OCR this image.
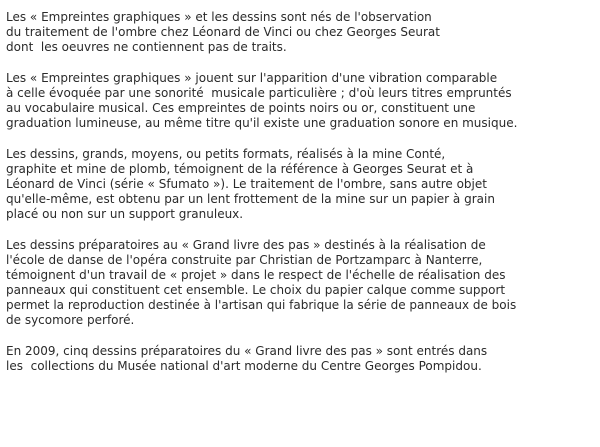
Les « Empreintes graphiques » et les dessins sont nés de l'observation
du traitement de l'ombre chez Léonard de Vinci ou chez Georges Seurat
dont  les oeuvres ne contiennent pas de traits.

Les « Empreintes graphiques » jouent sur l'apparition d'une vibration comparable
à celle évoquée par une sonorité  musicale particulière ; d'où leurs titres empruntés
au vocabulaire musical. Ces empreintes de points noirs ou or, constituent une
graduation lumineuse, au même titre qu'il existe une graduation sonore en musique.

Les dessins, grands, moyens, ou petits formats, réalisés à la mine Conté,
graphite et mine de plomb, témoignent de la référence à Georges Seurat et à
Léonard de Vinci (série « Sfumato »). Le traitement de l'ombre, sans autre objet
qu'elle-même, est obtenu par un lent frottement de la mine sur un papier à grain
placé ou non sur un support granuleux.

Les dessins préparatoires au « Grand livre des pas » destinés à la réalisation de
l'école de danse de l'opéra construite par Christian de Portzamparc à Nanterre,
témoignent d'un travail de « projet » dans le respect de l'échelle de réalisation des
panneaux qui constituent cet ensemble. Le choix du papier calque comme support
permet la reproduction destinée à l'artisan qui fabrique la série de panneaux de bois
de sycomore perforé.

En 2009, cinq dessins préparatoires du « Grand livre des pas » sont entrés dans
les  collections du Musée national d'art moderne du Centre Georges Pompidou.
